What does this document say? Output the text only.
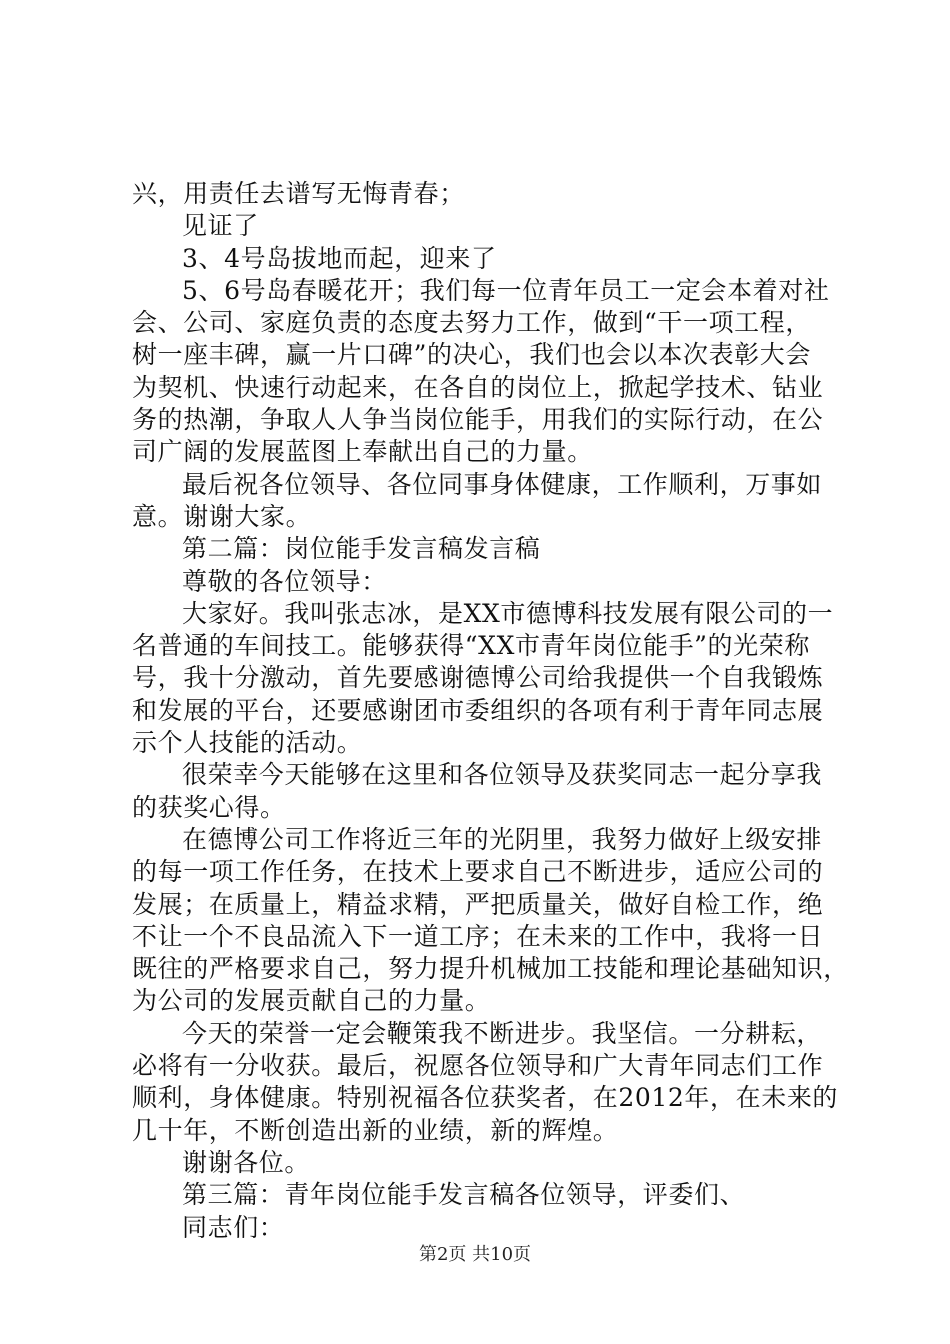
兴，用责任去谱写无悔青春；
见证了
3、4号岛拔地而起，迎来了
5、6号岛春暖花开；我们每一位青年员工一定会本着对社
会、公司、家庭负责的态度去努力工作，做到“干一项工程，
树一座丰碑，赢一片口碑”的决心，我们也会以本次表彰大会
为契机、快速行动起来，在各自的岗位上，掀起学技术、钻业
务的热潮，争取人人争当岗位能手，用我们的实际行动，在公
司广阔的发展蓝图上奉献出自己的力量。
最后祝各位领导、各位同事身体健康，工作顺利，万事如
意。谢谢大家。
第二篇：岗位能手发言稿发言稿
尊敬的各位领导：
大家好。我叫张志冰，是XX市德博科技发展有限公司的一
名普通的车间技工。能够获得“XX市青年岗位能手”的光荣称
号，我十分激动，首先要感谢德博公司给我提供一个自我锻炼
和发展的平台，还要感谢团市委组织的各项有利于青年同志展
示个人技能的活动。
很荣幸今天能够在这里和各位领导及获奖同志一起分享我
的获奖心得。
在德博公司工作将近三年的光阴里，我努力做好上级安排
的每一项工作任务，在技术上要求自己不断进步，适应公司的
发展；在质量上，精益求精，严把质量关，做好自检工作，绝
不让一个不良品流入下一道工序；在未来的工作中，我将一日
既往的严格要求自己，努力提升机械加工技能和理论基础知识，
为公司的发展贡献自己的力量。
今天的荣誉一定会鞭策我不断进步。我坚信。一分耕耘，
必将有一分收获。最后，祝愿各位领导和广大青年同志们工作
顺利，身体健康。特别祝福各位获奖者，在2012年，在未来的
几十年，不断创造出新的业绩，新的辉煌。
谢谢各位。
第三篇：青年岗位能手发言稿各位领导，评委们、
同志们：
第2页 共10页
